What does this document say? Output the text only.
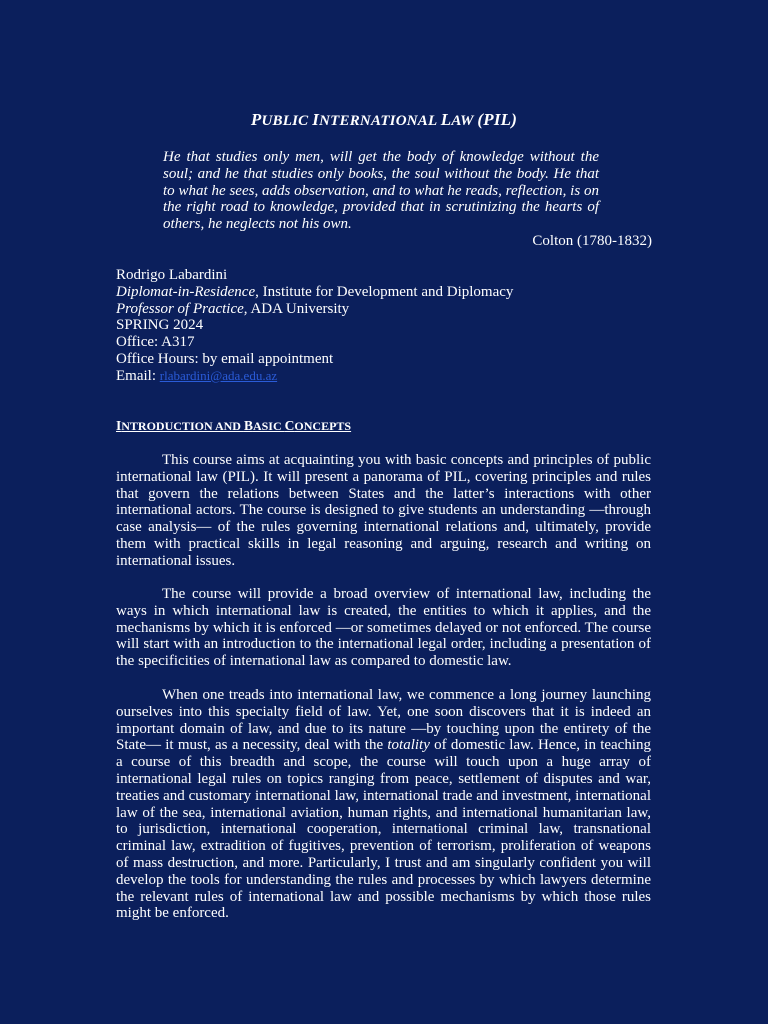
PUBLIC INTERNATIONAL LAW (PIL)

He that studies only men, will get the body of knowledge without the soul; and he that studies only books, the soul without the body. He that to what he sees, adds observation, and to what he reads, reflection, is on the right road to knowledge, provided that in scrutinizing the hearts of others, he neglects not his own.

Colton (1780-1832)

Rodrigo Labardini
Diplomat-in-Residence, Institute for Development and Diplomacy
Professor of Practice, ADA University
SPRING 2024
Office: A317
Office Hours: by email appointment
Email: rlabardini@ada.edu.az
INTRODUCTION AND BASIC CONCEPTS

This course aims at acquainting you with basic concepts and principles of public international law (PIL). It will present a panorama of PIL, covering principles and rules that govern the relations between States and the latter’s interactions with other international actors. The course is designed to give students an understanding —through case analysis— of the rules governing international relations and, ultimately, provide them with practical skills in legal reasoning and arguing, research and writing on international issues.

The course will provide a broad overview of international law, including the ways in which international law is created, the entities to which it applies, and the mechanisms by which it is enforced —or sometimes delayed or not enforced. The course will start with an introduction to the international legal order, including a presentation of the specificities of international law as compared to domestic law.

When one treads into international law, we commence a long journey launching ourselves into this specialty field of law. Yet, one soon discovers that it is indeed an important domain of law, and due to its nature —by touching upon the entirety of the State— it must, as a necessity, deal with the totality of domestic law. Hence, in teaching a course of this breadth and scope, the course will touch upon a huge array of international legal rules on topics ranging from peace, settlement of disputes and war, treaties and customary international law, international trade and investment, international law of the sea, international aviation, human rights, and international humanitarian law, to jurisdiction, international cooperation, international criminal law, transnational criminal law, extradition of fugitives, prevention of terrorism, proliferation of weapons of mass destruction, and more. Particularly, I trust and am singularly confident you will develop the tools for understanding the rules and processes by which lawyers determine the relevant rules of international law and possible mechanisms by which those rules might be enforced.
